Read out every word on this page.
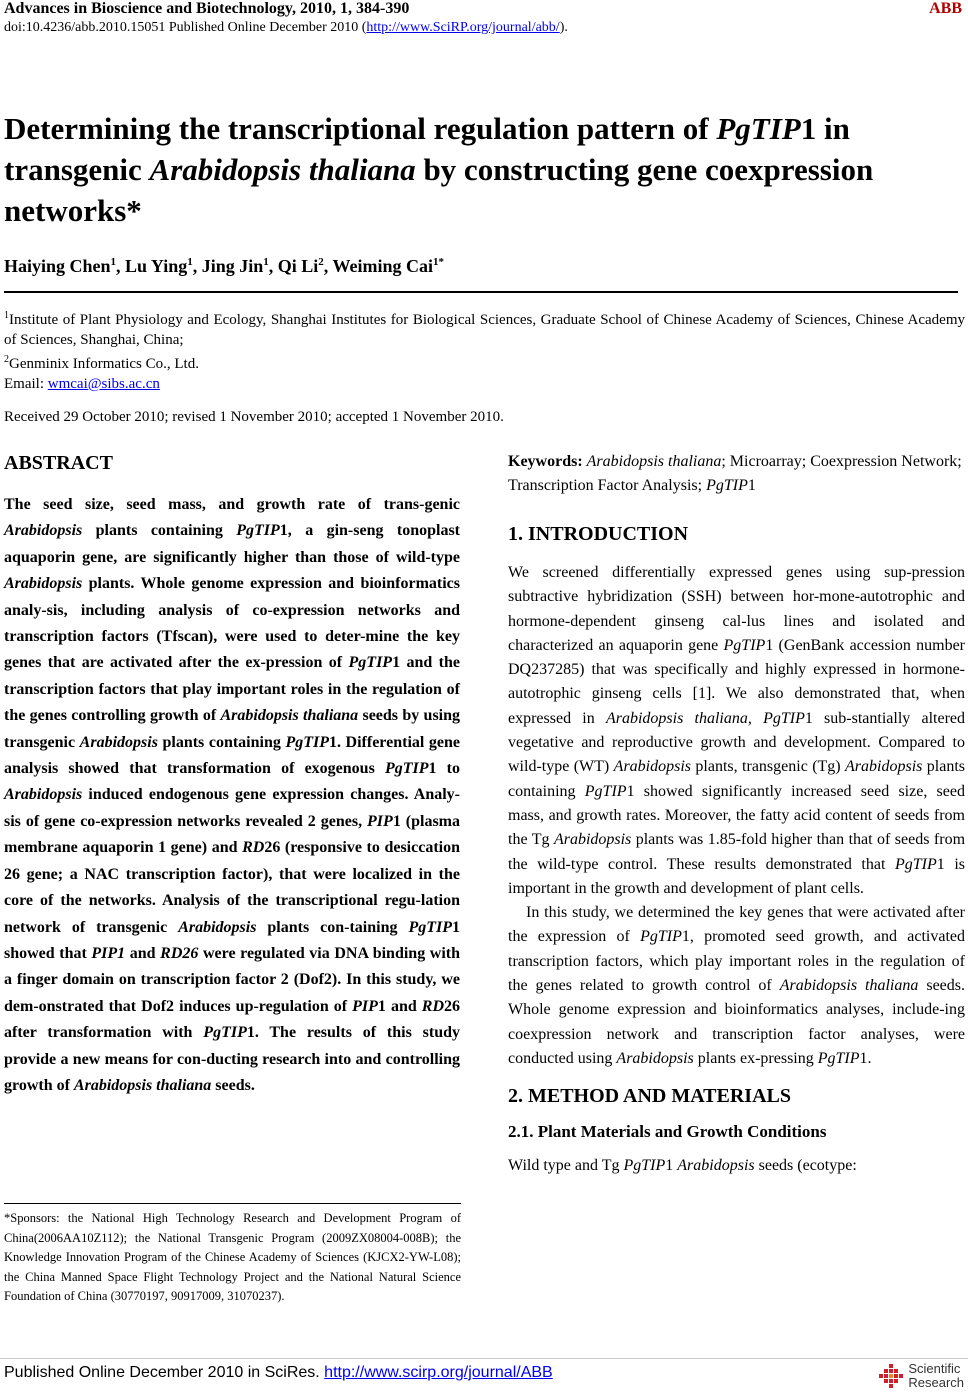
Advances in Bioscience and Biotechnology, 2010, 1, 384-390	ABB
doi:10.4236/abb.2010.15051 Published Online December 2010 (http://www.SciRP.org/journal/abb/).
Determining the transcriptional regulation pattern of PgTIP1 in transgenic Arabidopsis thaliana by constructing gene coexpression networks*
Haiying Chen$^1$, Lu Ying$^1$, Jing Jin$^1$, Qi Li$^2$, Weiming Cai$^{1*}$
$^1$Institute of Plant Physiology and Ecology, Shanghai Institutes for Biological Sciences, Graduate School of Chinese Academy of Sciences, Chinese Academy of Sciences, Shanghai, China;
$^2$Genminix Informatics Co., Ltd.
Email: wmcai@sibs.ac.cn
Received 29 October 2010; revised 1 November 2010; accepted 1 November 2010.
ABSTRACT
The seed size, seed mass, and growth rate of trans-genic Arabidopsis plants containing PgTIP1, a gin-seng tonoplast aquaporin gene, are significantly higher than those of wild-type Arabidopsis plants. Whole genome expression and bioinformatics analy-sis, including analysis of co-expression networks and transcription factors (Tfscan), were used to deter-mine the key genes that are activated after the ex-pression of PgTIP1 and the transcription factors that play important roles in the regulation of the genes controlling growth of Arabidopsis thaliana seeds by using transgenic Arabidopsis plants containing PgTIP1. Differential gene analysis showed that transformation of exogenous PgTIP1 to Arabidopsis induced endogenous gene expression changes. Analy-sis of gene co-expression networks revealed 2 genes, PIP1 (plasma membrane aquaporin 1 gene) and RD26 (responsive to desiccation 26 gene; a NAC transcription factor), that were localized in the core of the networks. Analysis of the transcriptional regu-lation network of transgenic Arabidopsis plants con-taining PgTIP1 showed that PIP1 and RD26 were regulated via DNA binding with a finger domain on transcription factor 2 (Dof2). In this study, we dem-onstrated that Dof2 induces up-regulation of PIP1 and RD26 after transformation with PgTIP1. The results of this study provide a new means for con-ducting research into and controlling growth of Arabidopsis thaliana seeds.
*Sponsors: the National High Technology Research and Development Program of China(2006AA10Z112); the National Transgenic Program (2009ZX08004-008B); the Knowledge Innovation Program of the Chinese Academy of Sciences (KJCX2-YW-L08); the China Manned Space Flight Technology Project and the National Natural Science Foundation of China (30770197, 90917009, 31070237).
Keywords: Arabidopsis thaliana; Microarray; Coexpression Network; Transcription Factor Analysis; PgTIP1
1. INTRODUCTION

We screened differentially expressed genes using sup-pression subtractive hybridization (SSH) between hor-mone-autotrophic and hormone-dependent ginseng cal-lus lines and isolated and characterized an aquaporin gene PgTIP1 (GenBank accession number DQ237285) that was specifically and highly expressed in hormone-autotrophic ginseng cells [1]. We also demonstrated that, when expressed in Arabidopsis thaliana, PgTIP1 sub-stantially altered vegetative and reproductive growth and development. Compared to wild-type (WT) Arabidopsis plants, transgenic (Tg) Arabidopsis plants containing PgTIP1 showed significantly increased seed size, seed mass, and growth rates. Moreover, the fatty acid content of seeds from the Tg Arabidopsis plants was 1.85-fold higher than that of seeds from the wild-type control. These results demonstrated that PgTIP1 is important in the growth and development of plant cells.

In this study, we determined the key genes that were activated after the expression of PgTIP1, promoted seed growth, and activated transcription factors, which play important roles in the regulation of the genes related to growth control of Arabidopsis thaliana seeds. Whole genome expression and bioinformatics analyses, include-ing coexpression network and transcription factor analyses, were conducted using Arabidopsis plants ex-pressing PgTIP1.

2. METHOD AND MATERIALS
2.1. Plant Materials and Growth Conditions

Wild type and Tg PgTIP1 Arabidopsis seeds (ecotype:

Published Online December 2010 in SciRes. http://www.scirp.org/journal/ABB	Scientific
Research
